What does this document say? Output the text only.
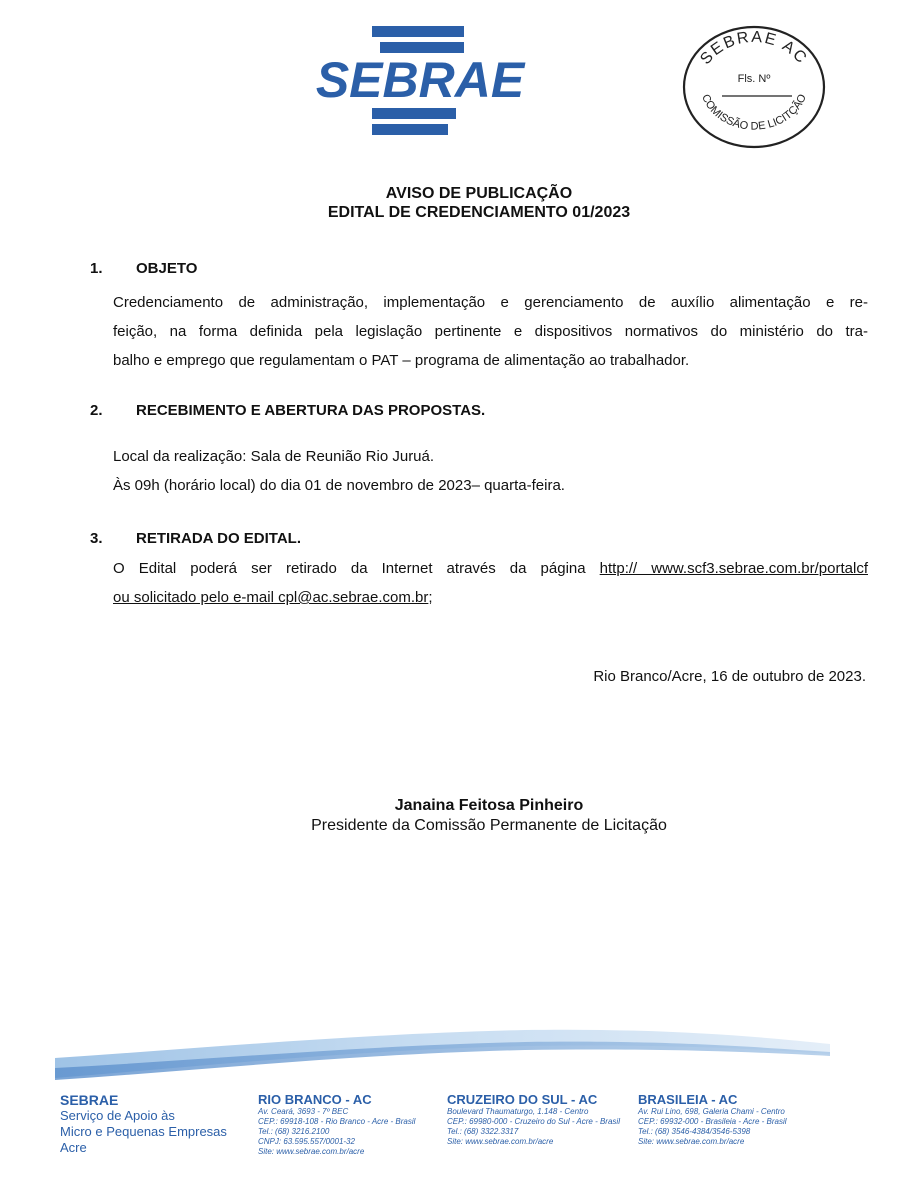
SEBRAE	SEBRAE AC
Fls. Nº
COMISSÃO DE LICITÇÃO
AVISO DE PUBLICAÇÃO
EDITAL DE CREDENCIAMENTO 01/2023
1. OBJETO
Credenciamento de administração, implementação e gerenciamento de auxílio alimentação e re-
feição, na forma definida pela legislação pertinente e dispositivos normativos do ministério do tra-
balho e emprego que regulamentam o PAT – programa de alimentação ao trabalhador.
2. RECEBIMENTO E ABERTURA DAS PROPOSTAS.
Local da realização: Sala de Reunião Rio Juruá.
Às 09h (horário local) do dia 01 de novembro de 2023– quarta-feira.
3. RETIRADA DO EDITAL.
O Edital poderá ser retirado da Internet através da página http:// www.scf3.sebrae.com.br/portalcf
ou solicitado pelo e-mail cpl@ac.sebrae.com.br;
Rio Branco/Acre, 16 de outubro de 2023.
Janaina Feitosa Pinheiro
Presidente da Comissão Permanente de Licitação
SEBRAE
Serviço de Apoio às
Micro e Pequenas Empresas
Acre
RIO BRANCO - AC
Av. Ceará, 3693 - 7º BEC
CEP.: 69918-108 - Rio Branco - Acre - Brasil
Tel.: (68) 3216.2100
CNPJ: 63.595.557/0001-32
Site: www.sebrae.com.br/acre
CRUZEIRO DO SUL - AC
Boulevard Thaumaturgo, 1.148 - Centro
CEP.: 69980-000 - Cruzeiro do Sul - Acre - Brasil
Tel.: (68) 3322.3317
Site: www.sebrae.com.br/acre
BRASILEIA - AC
Av. Rui Lino, 698, Galeria Chami - Centro
CEP.: 69932-000 - Brasileia - Acre - Brasil
Tel.: (68) 3546-4384/3546-5398
Site: www.sebrae.com.br/acre
